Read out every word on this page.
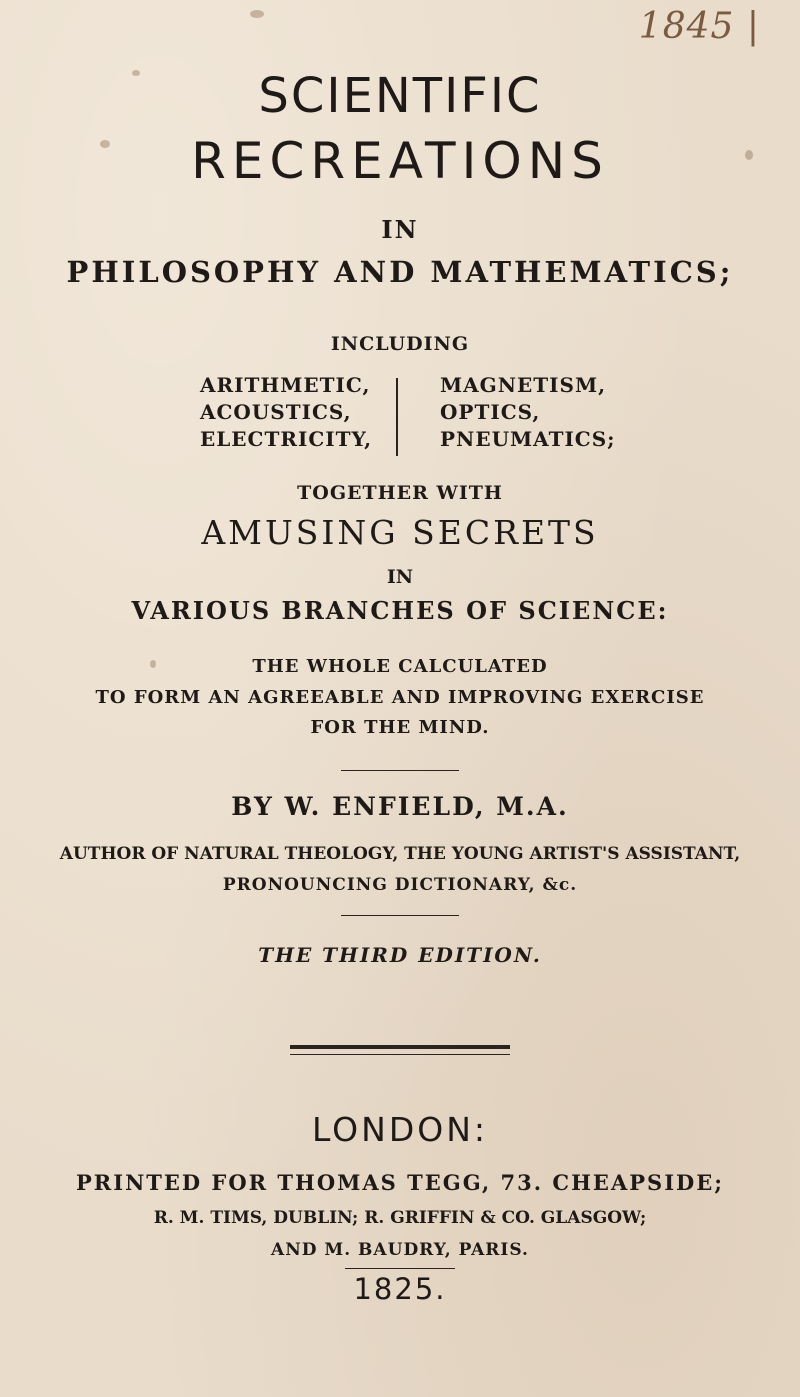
1845 |
SCIENTIFIC
RECREATIONS
IN
PHILOSOPHY AND MATHEMATICS;
INCLUDING
ARITHMETIC,
ACOUSTICS,
ELECTRICITY,
MAGNETISM,
OPTICS,
PNEUMATICS;
TOGETHER WITH
AMUSING SECRETS
IN
VARIOUS BRANCHES OF SCIENCE:
THE WHOLE CALCULATED
TO FORM AN AGREEABLE AND IMPROVING EXERCISE
FOR THE MIND.
BY W. ENFIELD, M.A.
AUTHOR OF NATURAL THEOLOGY, THE YOUNG ARTIST'S ASSISTANT,
PRONOUNCING DICTIONARY, &c.
THE THIRD EDITION.
LONDON:
PRINTED FOR THOMAS TEGG, 73. CHEAPSIDE;
R. M. TIMS, DUBLIN; R. GRIFFIN & CO. GLASGOW;
AND M. BAUDRY, PARIS.
1825.
